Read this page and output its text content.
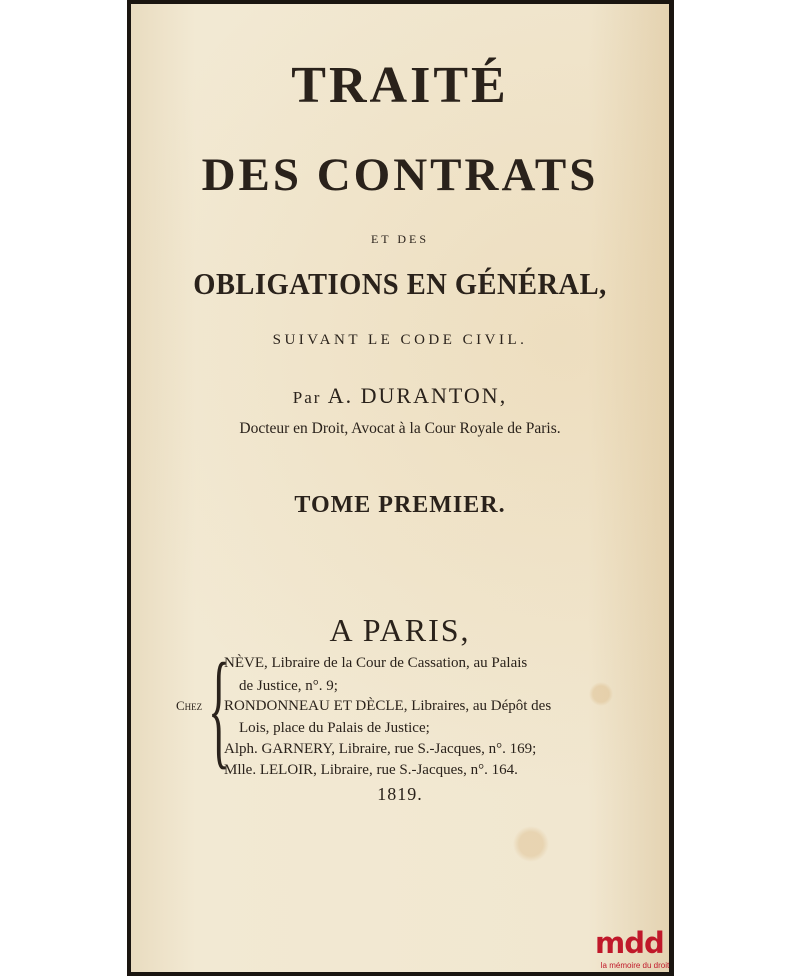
TRAITÉ
DES CONTRATS
ET DES
OBLIGATIONS EN GÉNÉRAL,
SUIVANT LE CODE CIVIL.
Par A. DURANTON,
Docteur en Droit, Avocat à la Cour Royale de Paris.
TOME PREMIER.
A PARIS,
Chez {
NÈVE, Libraire de la Cour de Cassation, au Palais
de Justice, n°. 9;
RONDONNEAU ET DÈCLE, Libraires, au Dépôt des
Lois, place du Palais de Justice;
Alph. GARNERY, Libraire, rue S.-Jacques, n°. 169;
Mlle. LELOIR, Libraire, rue S.-Jacques, n°. 164.
1819.
mdd
la mémoire du droit
